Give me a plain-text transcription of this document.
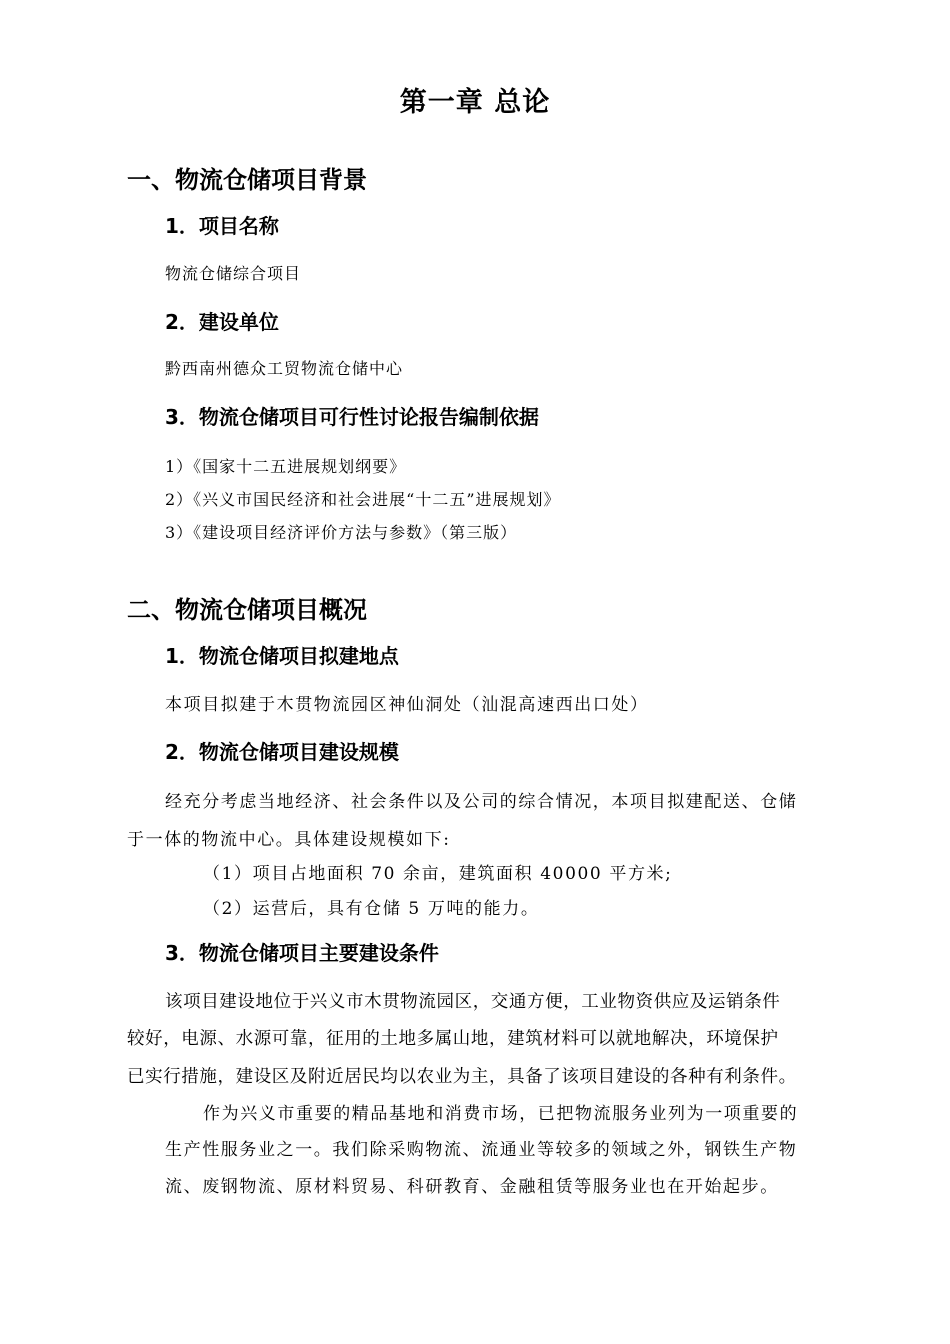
第一章 总论
一、物流仓储项目背景
1．项目名称

物流仓储综合项目

2．建设单位

黔西南州德众工贸物流仓储中心

3．物流仓储项目可行性讨论报告编制依据

1）《国家十二五进展规划纲要》

2）《兴义市国民经济和社会进展“十二五”进展规划》

3）《建设项目经济评价方法与参数》（第三版）

二、物流仓储项目概况
1．物流仓储项目拟建地点

本项目拟建于木贯物流园区神仙洞处（汕混高速西出口处）

2．物流仓储项目建设规模

经充分考虑当地经济、社会条件以及公司的综合情况，本项目拟建配送、仓储

于一体的物流中心。具体建设规模如下:

（1）项目占地面积 70 余亩，建筑面积 40000 平方米;

（2）运营后，具有仓储 5 万吨的能力。

3．物流仓储项目主要建设条件

该项目建设地位于兴义市木贯物流园区，交通方便，工业物资供应及运销条件

较好，电源、水源可靠，征用的土地多属山地，建筑材料可以就地解决，环境保护

已实行措施，建设区及附近居民均以农业为主，具备了该项目建设的各种有利条件。

作为兴义市重要的精品基地和消费市场，已把物流服务业列为一项重要的

生产性服务业之一。我们除采购物流、流通业等较多的领域之外，钢铁生产物

流、废钢物流、原材料贸易、科研教育、金融租赁等服务业也在开始起步。
